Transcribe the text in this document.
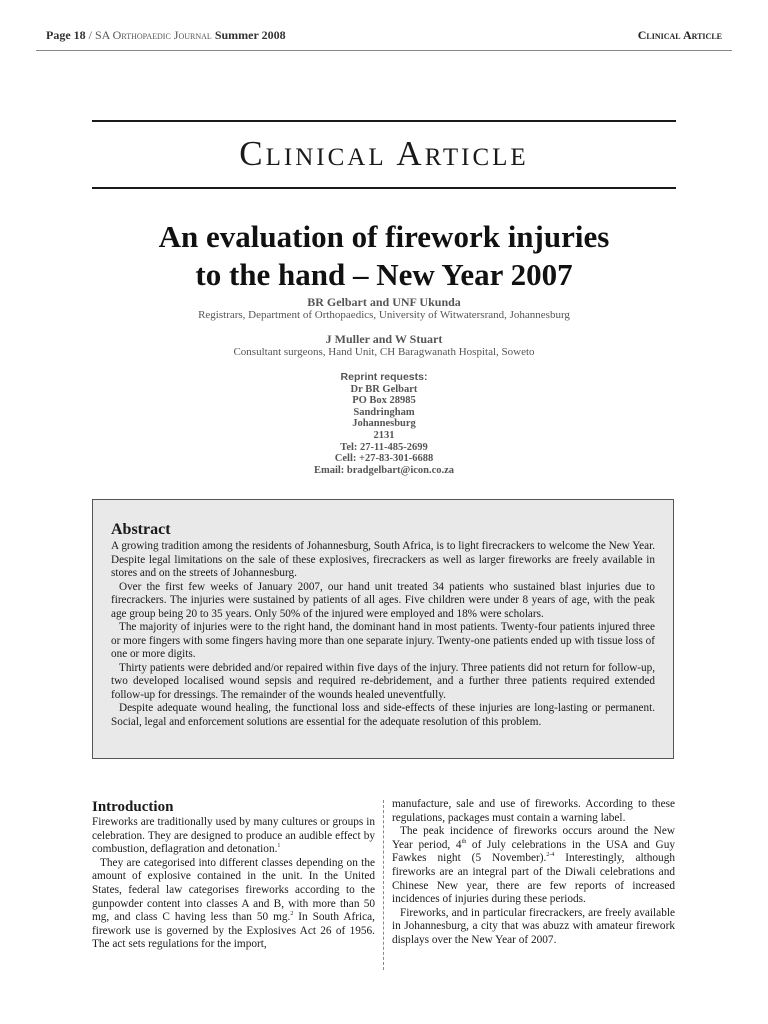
Page 18 / SA Orthopaedic Journal Summer 2008	Clinical Article
Clinical Article
An evaluation of firework injuries
to the hand – New Year 2007
BR Gelbart and UNF Ukunda
Registrars, Department of Orthopaedics, University of Witwatersrand, Johannesburg
J Muller and W Stuart
Consultant surgeons, Hand Unit, CH Baragwanath Hospital, Soweto
Reprint requests:
Dr BR Gelbart
PO Box 28985
Sandringham
Johannesburg
2131
Tel: 27-11-485-2699
Cell: +27-83-301-6688
Email: bradgelbart@icon.co.za
Abstract

A growing tradition among the residents of Johannesburg, South Africa, is to light firecrackers to welcome the New Year. Despite legal limitations on the sale of these explosives, firecrackers as well as larger fireworks are freely available in stores and on the streets of Johannesburg.

Over the first few weeks of January 2007, our hand unit treated 34 patients who sustained blast injuries due to firecrackers. The injuries were sustained by patients of all ages. Five children were under 8 years of age, with the peak age group being 20 to 35 years. Only 50% of the injured were employed and 18% were scholars.

The majority of injuries were to the right hand, the dominant hand in most patients. Twenty-four patients injured three or more fingers with some fingers having more than one separate injury. Twenty-one patients ended up with tissue loss of one or more digits.

Thirty patients were debrided and/or repaired within five days of the injury. Three patients did not return for follow-up, two developed localised wound sepsis and required re-debridement, and a further three patients required extended follow-up for dressings. The remainder of the wounds healed uneventfully.

Despite adequate wound healing, the functional loss and side-effects of these injuries are long-lasting or permanent. Social, legal and enforcement solutions are essential for the adequate resolution of this problem.

Introduction

Fireworks are traditionally used by many cultures or groups in celebration. They are designed to produce an audible effect by combustion, deflagration and detonation.$^1$

They are categorised into different classes depending on the amount of explosive contained in the unit. In the United States, federal law categorises fireworks according to the gunpowder content into classes A and B, with more than 50 mg, and class C having less than 50 mg.$^2$ In South Africa, firework use is governed by the Explosives Act 26 of 1956. The act sets regulations for the import,

manufacture, sale and use of fireworks. According to these regulations, packages must contain a warning label.

The peak incidence of fireworks occurs around the New Year period, 4th of July celebrations in the USA and Guy Fawkes night (5 November).$^{2-4}$ Interestingly, although fireworks are an integral part of the Diwali celebrations and Chinese New year, there are few reports of increased incidences of injuries during these periods.

Fireworks, and in particular firecrackers, are freely available in Johannesburg, a city that was abuzz with amateur firework displays over the New Year of 2007.
